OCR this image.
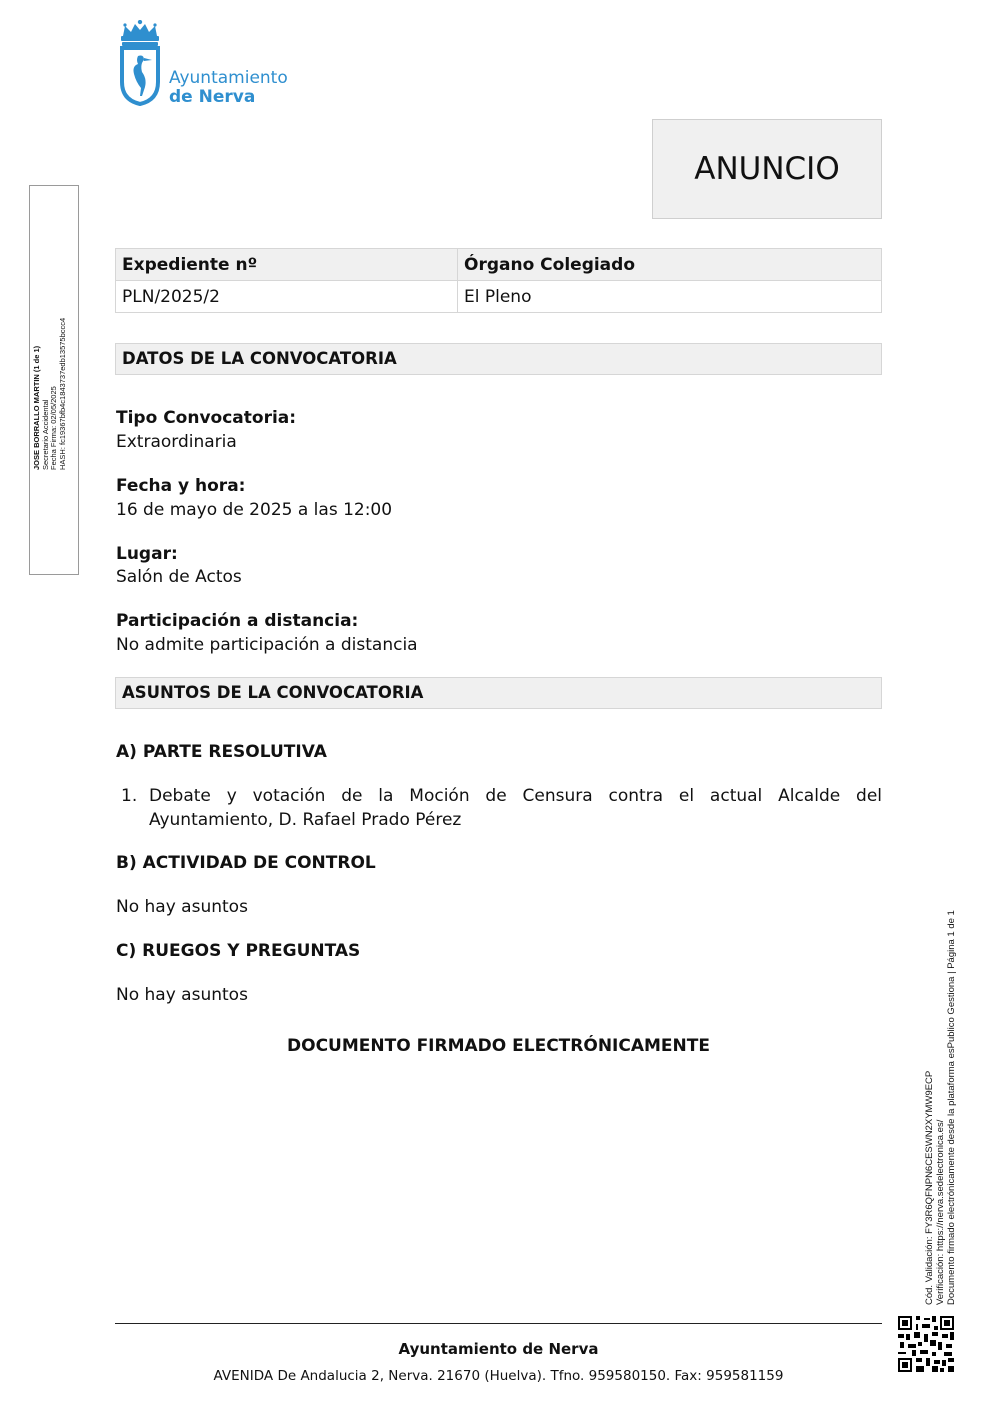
Ayuntamiento
de Nerva
ANUNCIO
JOSE BORRALLO MARTIN (1 de 1) Secretario Accidental Fecha Firma: 02/05/2025 HASH: fc19367bfb4c1843737edb13575bccc4
Cód. Validación: FY3R6QFNPN6CESWN2XYMW9ECP Verificación: https://nerva.sedelectronica.es/ Documento firmado electrónicamente desde la plataforma esPublico Gestiona | Página 1 de 1
Expediente nº	Órgano Colegiado
PLN/2025/2	El Pleno
DATOS DE LA CONVOCATORIA
Tipo Convocatoria:
Extraordinaria
Fecha y hora:
16 de mayo de 2025 a las 12:00
Lugar:
Salón de Actos
Participación a distancia:
No admite participación a distancia
ASUNTOS DE LA CONVOCATORIA
A) PARTE RESOLUTIVA
1. Debate y votación de la Moción de Censura contra el actual Alcalde del Ayuntamiento, D. Rafael Prado Pérez
B) ACTIVIDAD DE CONTROL
No hay asuntos
C) RUEGOS Y PREGUNTAS
No hay asuntos
DOCUMENTO FIRMADO ELECTRÓNICAMENTE
Ayuntamiento de Nerva
AVENIDA De Andalucia 2, Nerva. 21670 (Huelva). Tfno. 959580150. Fax: 959581159
